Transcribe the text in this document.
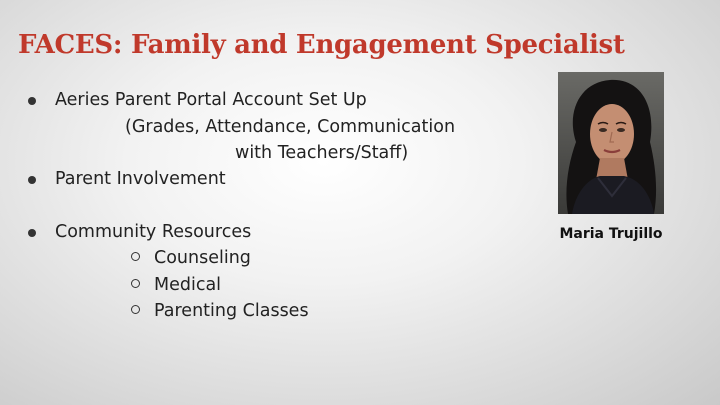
FACES: Family and Engagement Specialist
Aeries Parent Portal Account Set Up
(Grades, Attendance, Communication
with Teachers/Staff)
Parent Involvement
Community Resources
Counseling
Medical
Parenting Classes
Maria Trujillo
